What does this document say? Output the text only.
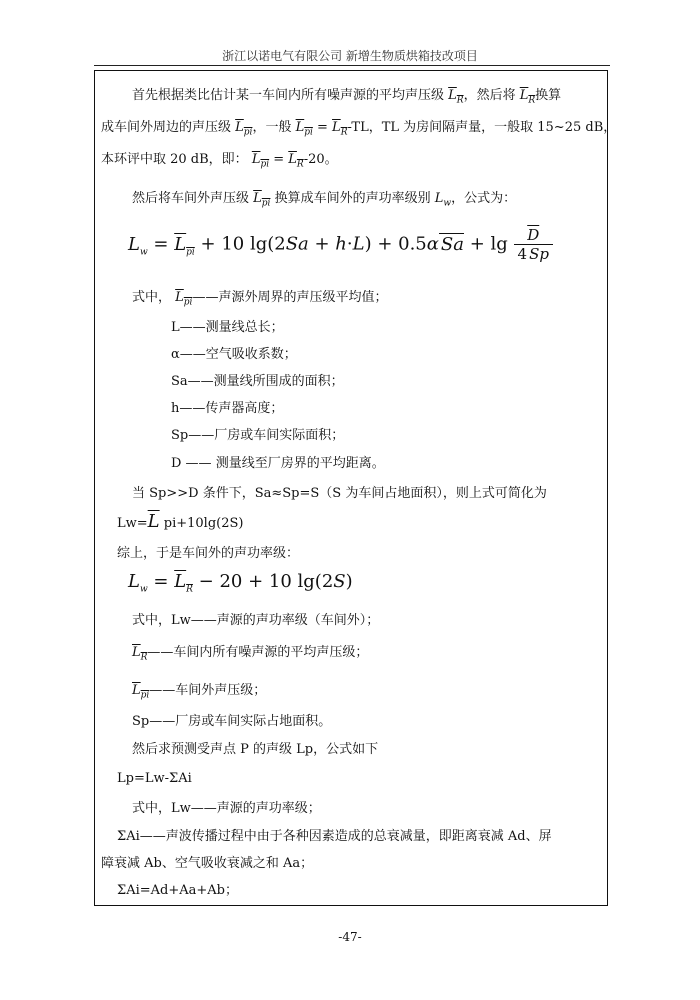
浙江以诺电气有限公司 新增生物质烘箱技改项目
首先根据类比估计某一车间内所有噪声源的平均声压级 $L_R$，然后将 $L_R$换算
成车间外周边的声压级 $L_{pi}$，一般 $L_{pi} = L_R-TL$，TL 为房间隔声量，一般取 15~25 dB，
本环评中取 20 dB，即： $L_{pi} = L_R-20$。
然后将车间外声压级 $L_{pi}$ 换算成车间外的声功率级别 $L_w$，公式为：
$L_w = L_{pi} + 10$ lg(2Sa + h·L) + 0.5α $Sa + \lg \frac{\overline{D}}{4 Sp}$
式中， $L_{pi}——$声源外周界的声压级平均值；
L——测量线总长；
α——空气吸收系数；
Sa——测量线所围成的面积；
h——传声器高度；
Sp——厂房或车间实际面积；
D —— 测量线至厂房界的平均距离。
当 Sp>>D 条件下，Sa≈Sp=S（S 为车间占地面积），则上式可简化为
$Lw=\overline{L}$ pi+10lg(2S)
综上，于是车间外的声功率级：
$L_w = L_R - 20 + 10$ lg(2S)
式中，Lw——声源的声功率级（车间外）；
$L_R——$车间内所有噪声源的平均声压级；
$L_{pi}——$车间外声压级；
Sp——厂房或车间实际占地面积。
然后求预测受声点 P 的声级 Lp，公式如下
Lp=Lw-ΣAi
式中，Lw——声源的声功率级；
ΣAi——声波传播过程中由于各种因素造成的总衰减量，即距离衰减 Ad、屏
障衰减 Ab、空气吸收衰减之和 Aa；
ΣAi=Ad+Aa+Ab；
-47-
